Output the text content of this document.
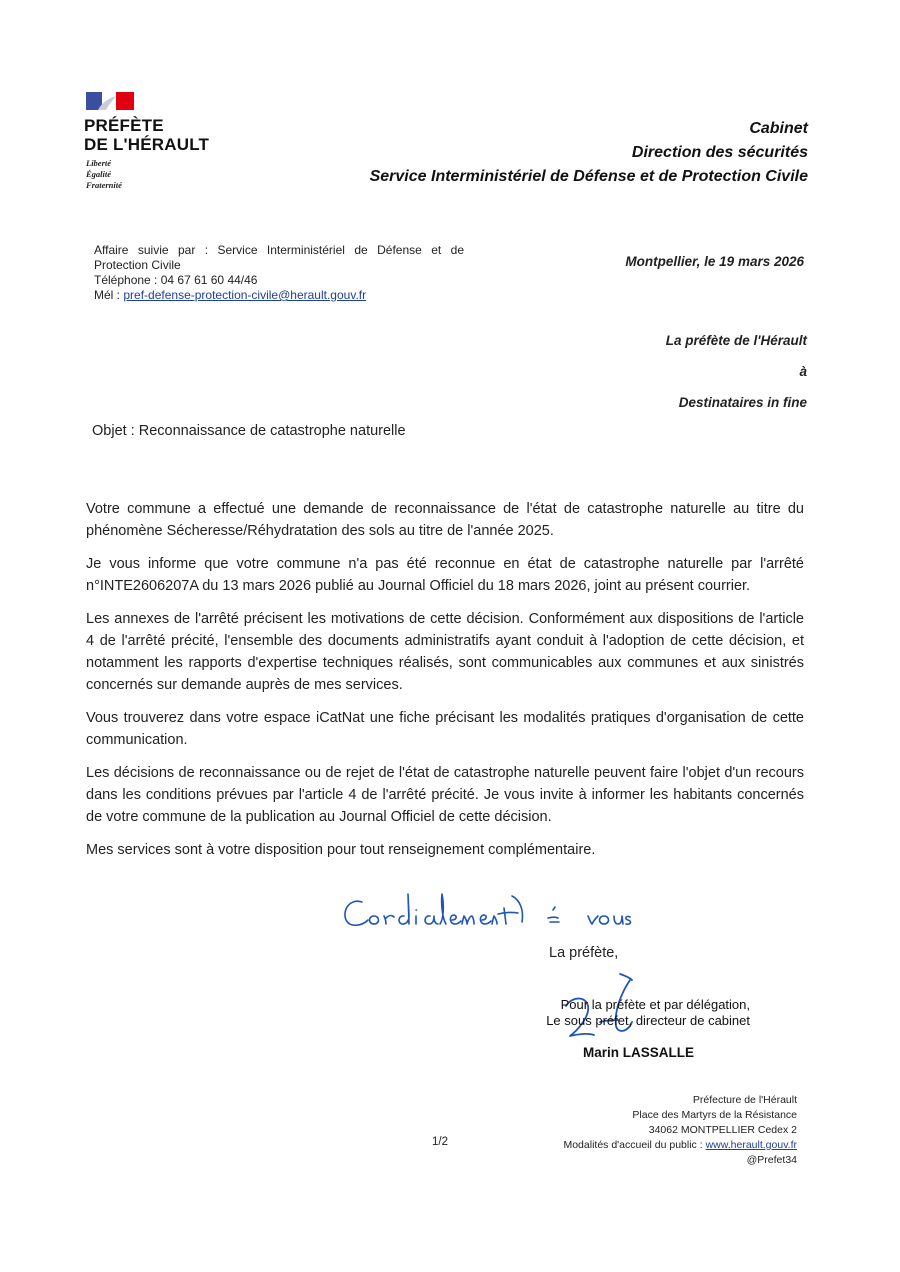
PRÉFÈTE
DE L'HÉRAULT
Liberté
Égalité
Fraternité
Cabinet
Direction des sécurités
Service Interministériel de Défense et de Protection Civile
Affaire suivie par : Service Interministériel de Défense et de
Protection Civile
Téléphone : 04 67 61 60 44/46
Mél : pref-defense-protection-civile@herault.gouv.fr
Montpellier, le 19 mars 2026
La préfète de l'Hérault
à
Destinataires in fine
Objet : Reconnaissance de catastrophe naturelle

Votre commune a effectué une demande de reconnaissance de l'état de catastrophe naturelle au titre du phénomène Sécheresse/Réhydratation des sols au titre de l'année 2025.

Je vous informe que votre commune n'a pas été reconnue en état de catastrophe naturelle par l'arrêté n°INTE2606207A du 13 mars 2026 publié au Journal Officiel du 18 mars 2026, joint au présent courrier.

Les annexes de l'arrêté précisent les motivations de cette décision. Conformément aux dispositions de l'article 4 de l'arrêté précité, l'ensemble des documents administratifs ayant conduit à l'adoption de cette décision, et notamment les rapports d'expertise techniques réalisés, sont communicables aux communes et aux sinistrés concernés sur demande auprès de mes services.

Vous trouverez dans votre espace iCatNat une fiche précisant les modalités pratiques d'organisation de cette communication.

Les décisions de reconnaissance ou de rejet de l'état de catastrophe naturelle peuvent faire l'objet d'un recours dans les conditions prévues par l'article 4 de l'arrêté précité. Je vous invite à informer les habitants concernés de votre commune de la publication au Journal Officiel de cette décision.

Mes services sont à votre disposition pour tout renseignement complémentaire.

La préfète,
Pour la préfète et par délégation,
Le sous préfet, directeur de cabinet
Marin LASSALLE
Préfecture de l'Hérault
Place des Martyrs de la Résistance
34062 MONTPELLIER Cedex 2
Modalités d'accueil du public : www.herault.gouv.fr
@Prefet34
1/2
